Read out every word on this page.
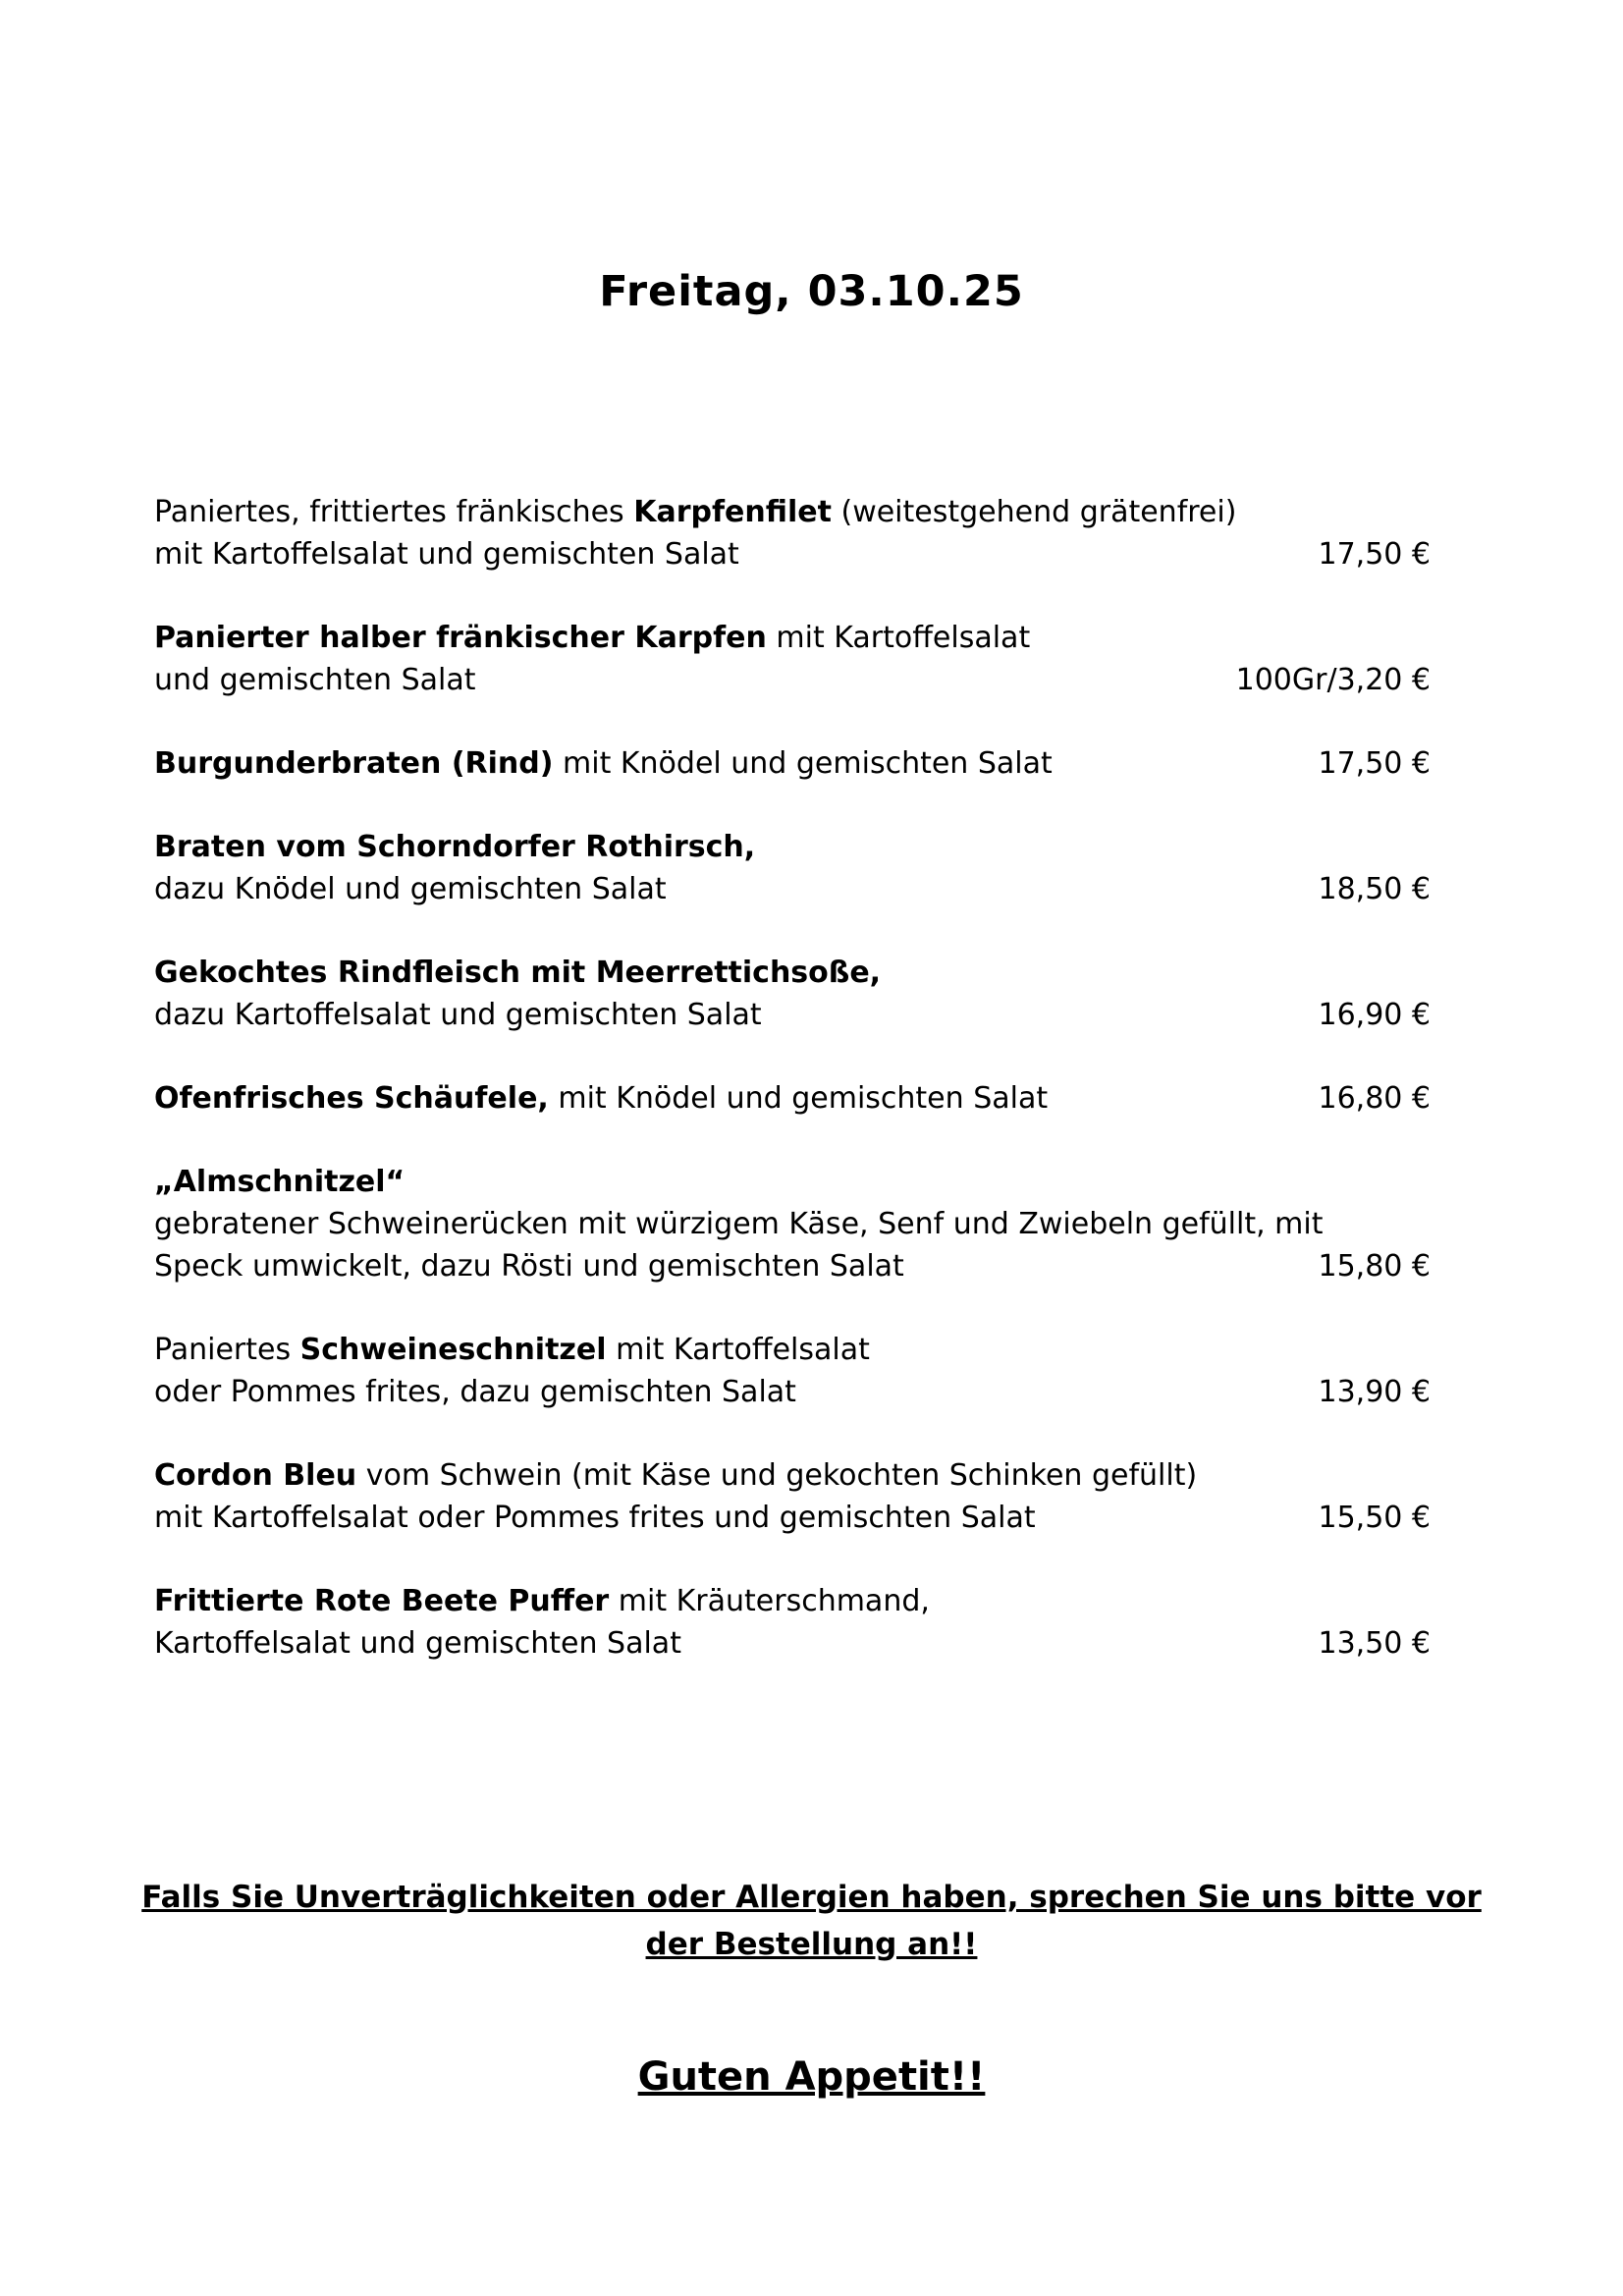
Freitag, 03.10.25
Paniertes, frittiertes fränkisches Karpfenfilet (weitestgehend grätenfrei)
mit Kartoffelsalat und gemischten Salat	17,50 €
Panierter halber fränkischer Karpfen mit Kartoffelsalat
und gemischten Salat	100Gr/3,20 €
Burgunderbraten (Rind) mit Knödel und gemischten Salat	17,50 €
Braten vom Schorndorfer Rothirsch,
dazu Knödel und gemischten Salat	18,50 €
Gekochtes Rindfleisch mit Meerrettichsoße,
dazu Kartoffelsalat und gemischten Salat	16,90 €
Ofenfrisches Schäufele, mit Knödel und gemischten Salat	16,80 €
„Almschnitzel“
gebratener Schweinerücken mit würzigem Käse, Senf und Zwiebeln gefüllt, mit
Speck umwickelt, dazu Rösti und gemischten Salat	15,80 €
Paniertes Schweineschnitzel mit Kartoffelsalat
oder Pommes frites, dazu gemischten Salat	13,90 €
Cordon Bleu vom Schwein (mit Käse und gekochten Schinken gefüllt)
mit Kartoffelsalat oder Pommes frites und gemischten Salat	15,50 €
Frittierte Rote Beete Puffer mit Kräuterschmand,
Kartoffelsalat und gemischten Salat	13,50 €
Falls Sie Unverträglichkeiten oder Allergien haben, sprechen Sie uns bitte vor
der Bestellung an!!
Guten Appetit!!
